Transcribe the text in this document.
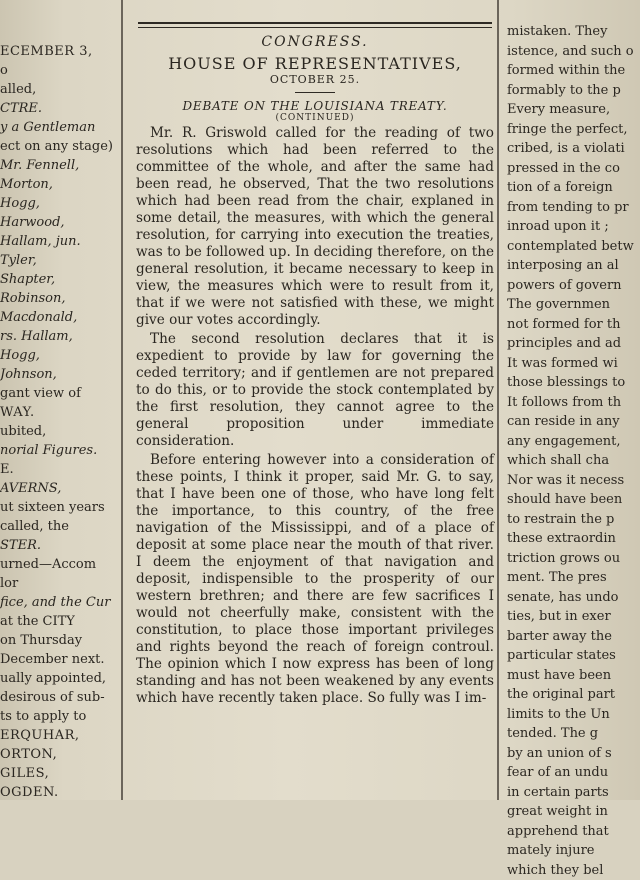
ECEMBER 3,
o
alled,
CTRE.
y a Gentleman
ect on any stage)
Mr. Fennell,
Morton,
Hogg,
Harwood,
Hallam, jun.
Tyler,
Shapter,
Robinson,
Macdonald,
rs. Hallam,
Hogg,
Johnson,
gant view of
WAY.
ubited,
norial Figures.
E.
AVERNS,
ut sixteen years
called, the
STER.
urned—Accom
lor
fice, and the Cur
at the CITY
on Thursday
December next.
ually appointed,
desirous of sub-
ts to apply to
ERQUHAR,
ORTON,
GILES,
OGDEN.
CONGRESS.
HOUSE OF REPRESENTATIVES,
OCTOBER 25.
DEBATE ON THE LOUISIANA TREATY.
(CONTINUED)

Mr. R. Griswold called for the reading of two resolutions which had been referred to the committee of the whole, and after the same had been read, he observed, That the two resolutions which had been read from the chair, explaned in some detail, the measures, with which the general resolution, for carrying into execution the treaties, was to be followed up. In deciding therefore, on the general resolution, it became necessary to keep in view, the measures which were to result from it, that if we were not satisfied with these, we might give our votes accordingly.

The second resolution declares that it is expedient to provide by law for governing the ceded territory; and if gentlemen are not prepared to do this, or to provide the stock contemplated by the first resolution, they cannot agree to the general proposition under immediate consideration.

Before entering however into a consideration of these points, I think it proper, said Mr. G. to say, that I have been one of those, who have long felt the importance, to this country, of the free navigation of the Mississippi, and of a place of deposit at some place near the mouth of that river. I deem the enjoyment of that navigation and deposit, indispensible to the prosperity of our western brethren; and there are few sacrifices I would not cheerfully make, consistent with the constitution, to place those important privileges and rights beyond the reach of foreign controul. The opinion which I now express has been of long standing and has not been weakened by any events which have recently taken place. So fully was I im-

mistaken. They
istence, and such o
formed within the
formably to the p
Every measure,
fringe the perfect,
cribed, is a violati
pressed in the co
tion of a foreign
from tending to pr
inroad upon it ;
contemplated betw
interposing an al
powers of govern
The governmen
not formed for th
principles and ad
It was formed wi
those blessings to
It follows from th
can reside in any
any engagement,
which shall cha
Nor was it necess
should have been
to restrain the p
these extraordin
triction grows ou
ment. The pres
senate, has undo
ties, but in exer
barter away the
particular states
must have been
the original part
limits to the Un
tended. The g
by an union of s
fear of an undu
in certain parts
great weight in
apprehend that
mately injure
which they bel
